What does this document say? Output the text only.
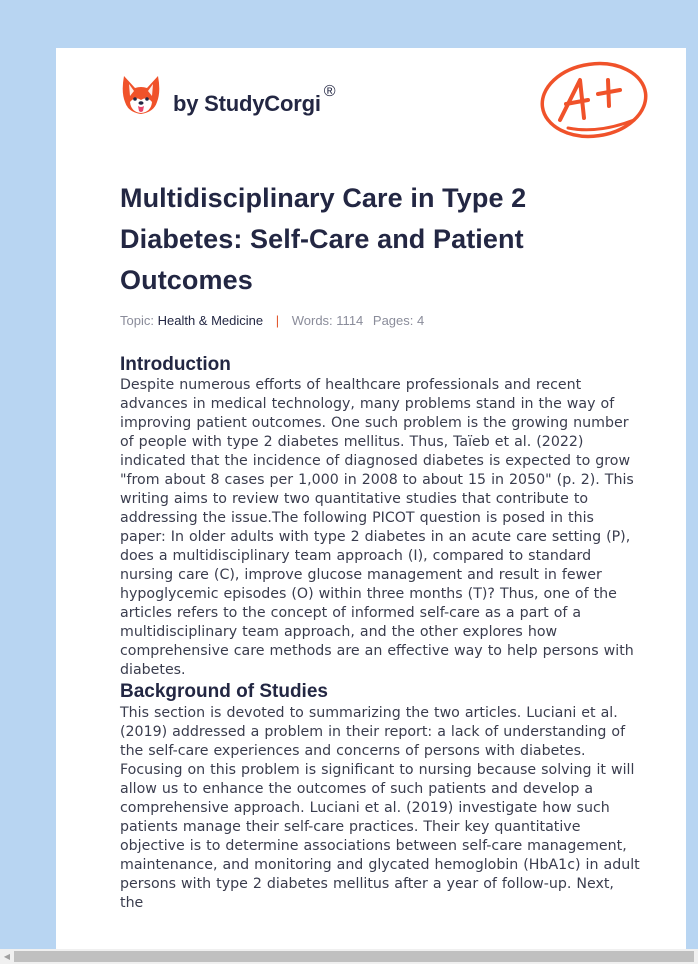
by StudyCorgi ®
Multidisciplinary Care in Type 2 Diabetes: Self-Care and Patient Outcomes
Topic: Health & Medicine | Words: 1114 Pages: 4
Introduction

Despite numerous efforts of healthcare professionals and recent advances in medical technology, many problems stand in the way of improving patient outcomes. One such problem is the growing number of people with type 2 diabetes mellitus. Thus, Taïeb et al. (2022) indicated that the incidence of diagnosed diabetes is expected to grow "from about 8 cases per 1,000 in 2008 to about 15 in 2050" (p. 2). This writing aims to review two quantitative studies that contribute to addressing the issue.The following PICOT question is posed in this paper: In older adults with type 2 diabetes in an acute care setting (P), does a multidisciplinary team approach (I), compared to standard nursing care (C), improve glucose management and result in fewer hypoglycemic episodes (O) within three months (T)? Thus, one of the articles refers to the concept of informed self-care as a part of a multidisciplinary team approach, and the other explores how comprehensive care methods are an effective way to help persons with diabetes.

Background of Studies

This section is devoted to summarizing the two articles. Luciani et al. (2019) addressed a problem in their report: a lack of understanding of the self-care experiences and concerns of persons with diabetes. Focusing on this problem is significant to nursing because solving it will allow us to enhance the outcomes of such patients and develop a comprehensive approach. Luciani et al. (2019) investigate how such patients manage their self-care practices. Their key quantitative objective is to determine associations between self-care management, maintenance, and monitoring and glycated hemoglobin (HbA1c) in adult persons with type 2 diabetes mellitus after a year of follow-up. Next, the

◀
